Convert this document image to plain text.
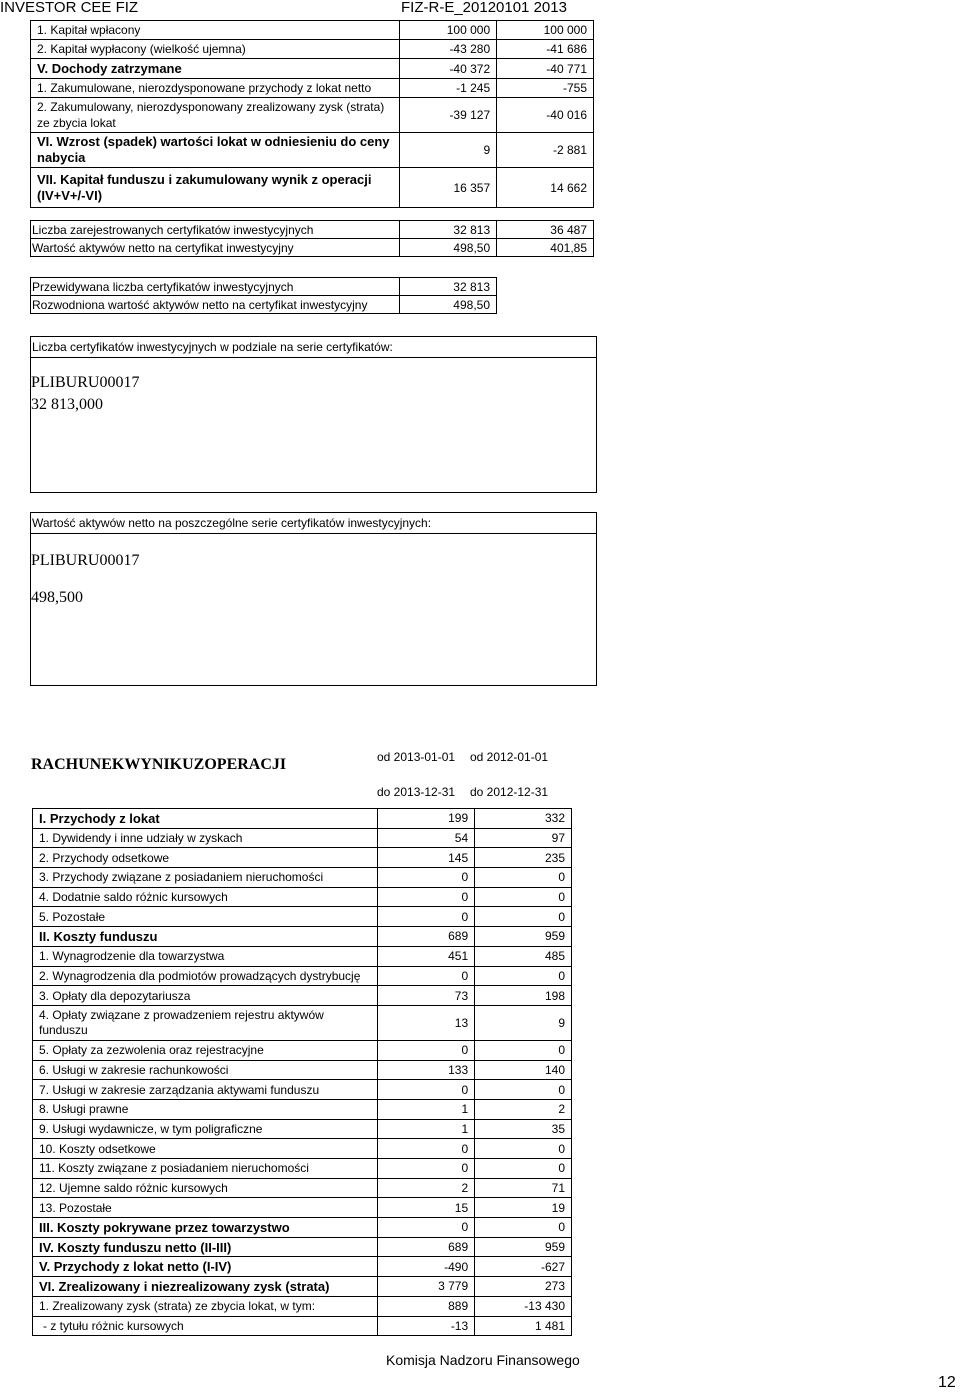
INVESTOR CEE FIZ	FIZ-R-E_20120101 2013
1. Kapitał wpłacony	100 000	100 000
2. Kapitał wypłacony (wielkość ujemna)	-43 280	-41 686
V. Dochody zatrzymane	-40 372	-40 771
1. Zakumulowane, nierozdysponowane przychody z lokat netto	-1 245	-755
2. Zakumulowany, nierozdysponowany zrealizowany zysk (strata) ze zbycia lokat	-39 127	-40 016
VI. Wzrost (spadek) wartości lokat w odniesieniu do ceny nabycia	9	-2 881
VII. Kapitał funduszu i zakumulowany wynik z operacji (IV+V+/-VI)	16 357	14 662
Liczba zarejestrowanych certyfikatów inwestycyjnych	32 813	36 487
Wartość aktywów netto na certyfikat inwestycyjny	498,50	401,85
Przewidywana liczba certyfikatów inwestycyjnych	32 813
Rozwodniona wartość aktywów netto na certyfikat inwestycyjny	498,50
Liczba certyfikatów inwestycyjnych w podziale na serie certyfikatów:
PLIBURU00017
32 813,000
Wartość aktywów netto na poszczególne serie certyfikatów inwestycyjnych:
PLIBURU00017
498,500
RACHUNEKWYNIKUZOPERACJI	od 2013-01-01
do 2013-12-31
od 2012-01-01
do 2012-12-31
I. Przychody z lokat	199	332
1. Dywidendy i inne udziały w zyskach	54	97
2. Przychody odsetkowe	145	235
3. Przychody związane z posiadaniem nieruchomości	0	0
4. Dodatnie saldo różnic kursowych	0	0
5. Pozostałe	0	0
II. Koszty funduszu	689	959
1. Wynagrodzenie dla towarzystwa	451	485
2. Wynagrodzenia dla podmiotów prowadzących dystrybucję	0	0
3. Opłaty dla depozytariusza	73	198
4. Opłaty związane z prowadzeniem rejestru aktywów funduszu	13	9
5. Opłaty za zezwolenia oraz rejestracyjne	0	0
6. Usługi w zakresie rachunkowości	133	140
7. Usługi w zakresie zarządzania aktywami funduszu	0	0
8. Usługi prawne	1	2
9. Usługi wydawnicze, w tym poligraficzne	1	35
10. Koszty odsetkowe	0	0
11. Koszty związane z posiadaniem nieruchomości	0	0
12. Ujemne saldo różnic kursowych	2	71
13. Pozostałe	15	19
III. Koszty pokrywane przez towarzystwo	0	0
IV. Koszty funduszu netto (II-III)	689	959
V. Przychody z lokat netto (I-IV)	-490	-627
VI. Zrealizowany i niezrealizowany zysk (strata)	3 779	273
1. Zrealizowany zysk (strata) ze zbycia lokat, w tym:	889	-13 430
- z tytułu różnic kursowych	-13	1 481
Komisja Nadzoru Finansowego
12
